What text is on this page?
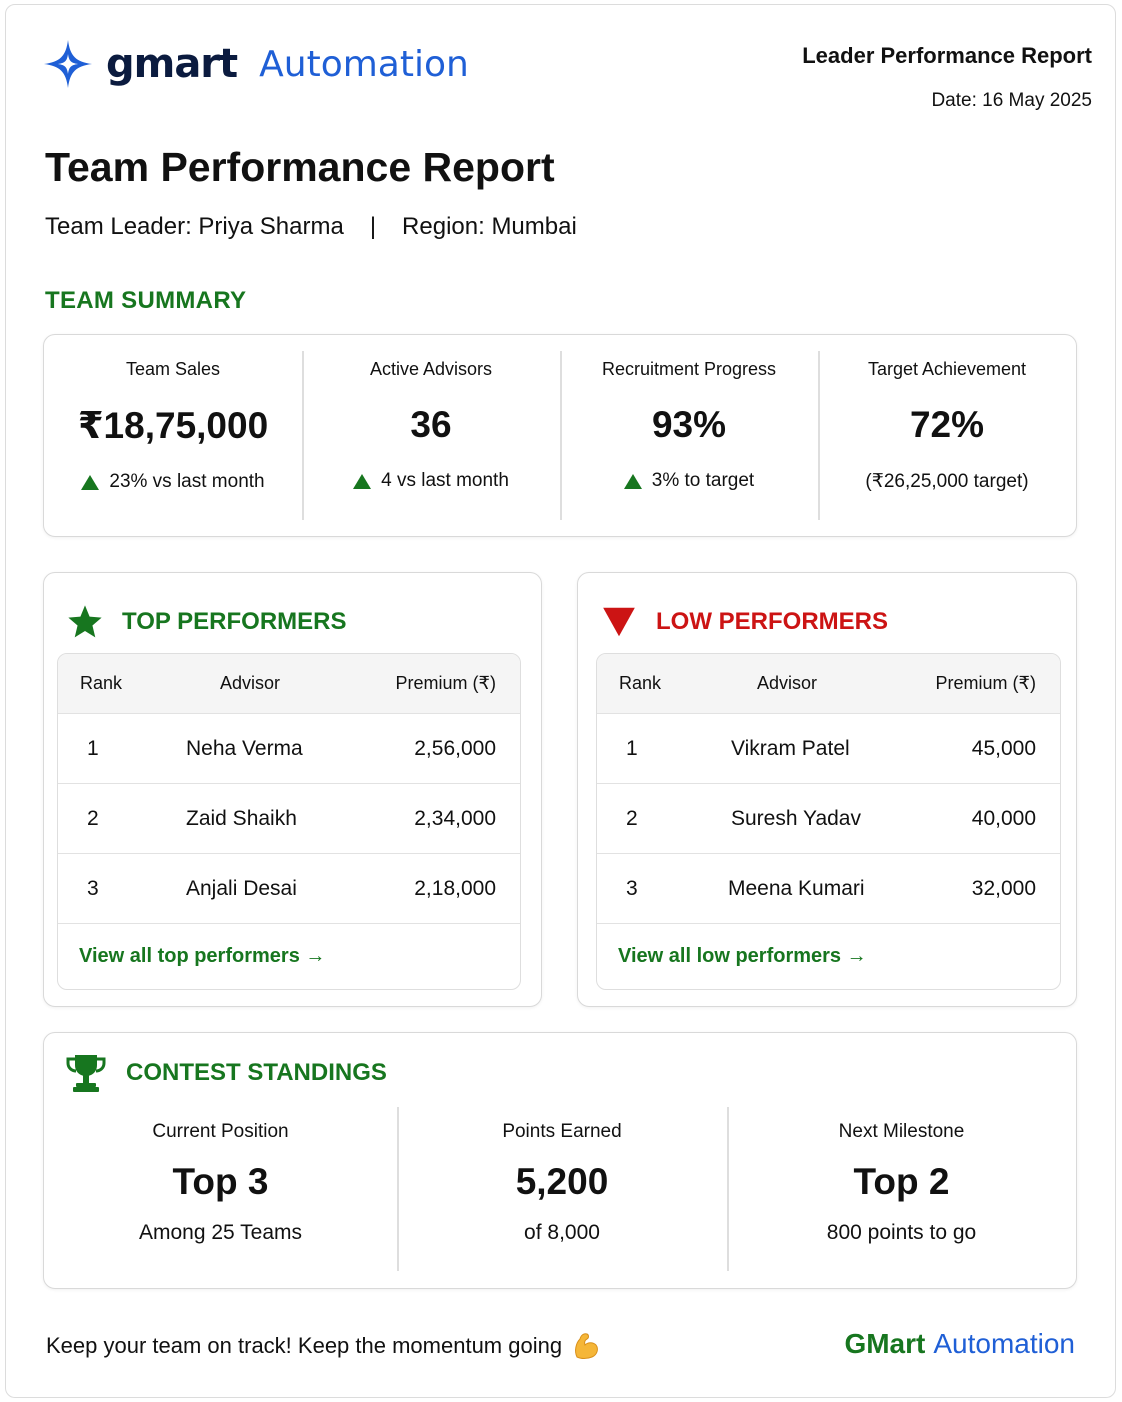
gmart Automation	Leader Performance Report
Date: 16 May 2025
Team Performance Report
Team Leader: Priya Sharma | Region: Mumbai
TEAM SUMMARY
Team Sales
₹18,75,000
23% vs last month
Active Advisors
36
4 vs last month
Recruitment Progress
93%
3% to target
Target Achievement
72%
(₹26,25,000 target)
TOP PERFORMERS
Rank	Advisor	Premium (₹)
1	Neha Verma	2,56,000
2	Zaid Shaikh	2,34,000
3	Anjali Desai	2,18,000
View all top performers →
LOW PERFORMERS
Rank	Advisor	Premium (₹)
1	Vikram Patel	45,000
2	Suresh Yadav	40,000
3	Meena Kumari	32,000
View all low performers →
CONTEST STANDINGS
Current Position
Top 3
Among 25 Teams
Points Earned
5,200
of 8,000
Next Milestone
Top 2
800 points to go
Keep your team on track! Keep the momentum going	GMart Automation
